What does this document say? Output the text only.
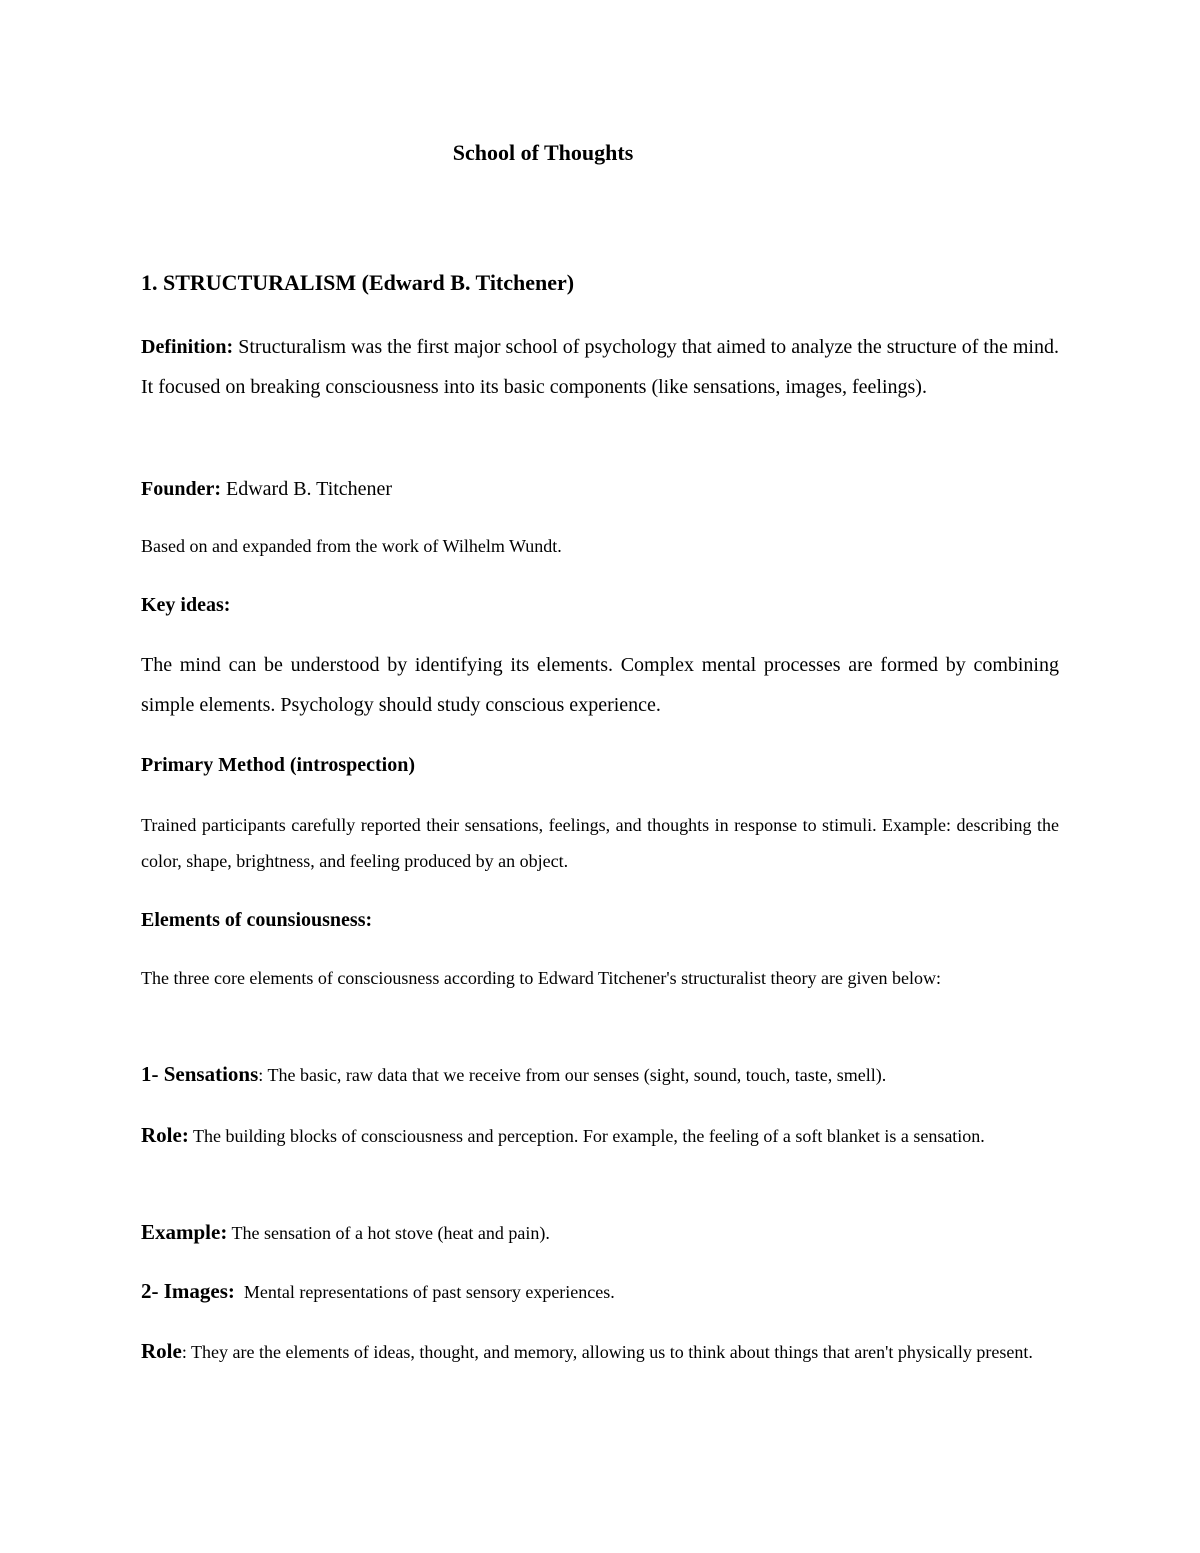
School of Thoughts
1. STRUCTURALISM (Edward B. Titchener)

Definition: Structuralism was the first major school of psychology that aimed to analyze the structure of the mind. It focused on breaking consciousness into its basic components (like sensations, images, feelings).

Founder: Edward B. Titchener

Based on and expanded from the work of Wilhelm Wundt.

Key ideas:

The mind can be understood by identifying its elements. Complex mental processes are formed by combining simple elements. Psychology should study conscious experience.

Primary Method (introspection)

Trained participants carefully reported their sensations, feelings, and thoughts in response to stimuli. Example: describing the color, shape, brightness, and feeling produced by an object.

Elements of counsiousness:

The three core elements of consciousness according to Edward Titchener's structuralist theory are given below:

1- Sensations: The basic, raw data that we receive from our senses (sight, sound, touch, taste, smell).

Role: The building blocks of consciousness and perception. For example, the feeling of a soft blanket is a sensation.

Example: The sensation of a hot stove (heat and pain).

2- Images:  Mental representations of past sensory experiences.

Role: They are the elements of ideas, thought, and memory, allowing us to think about things that aren't physically present.
